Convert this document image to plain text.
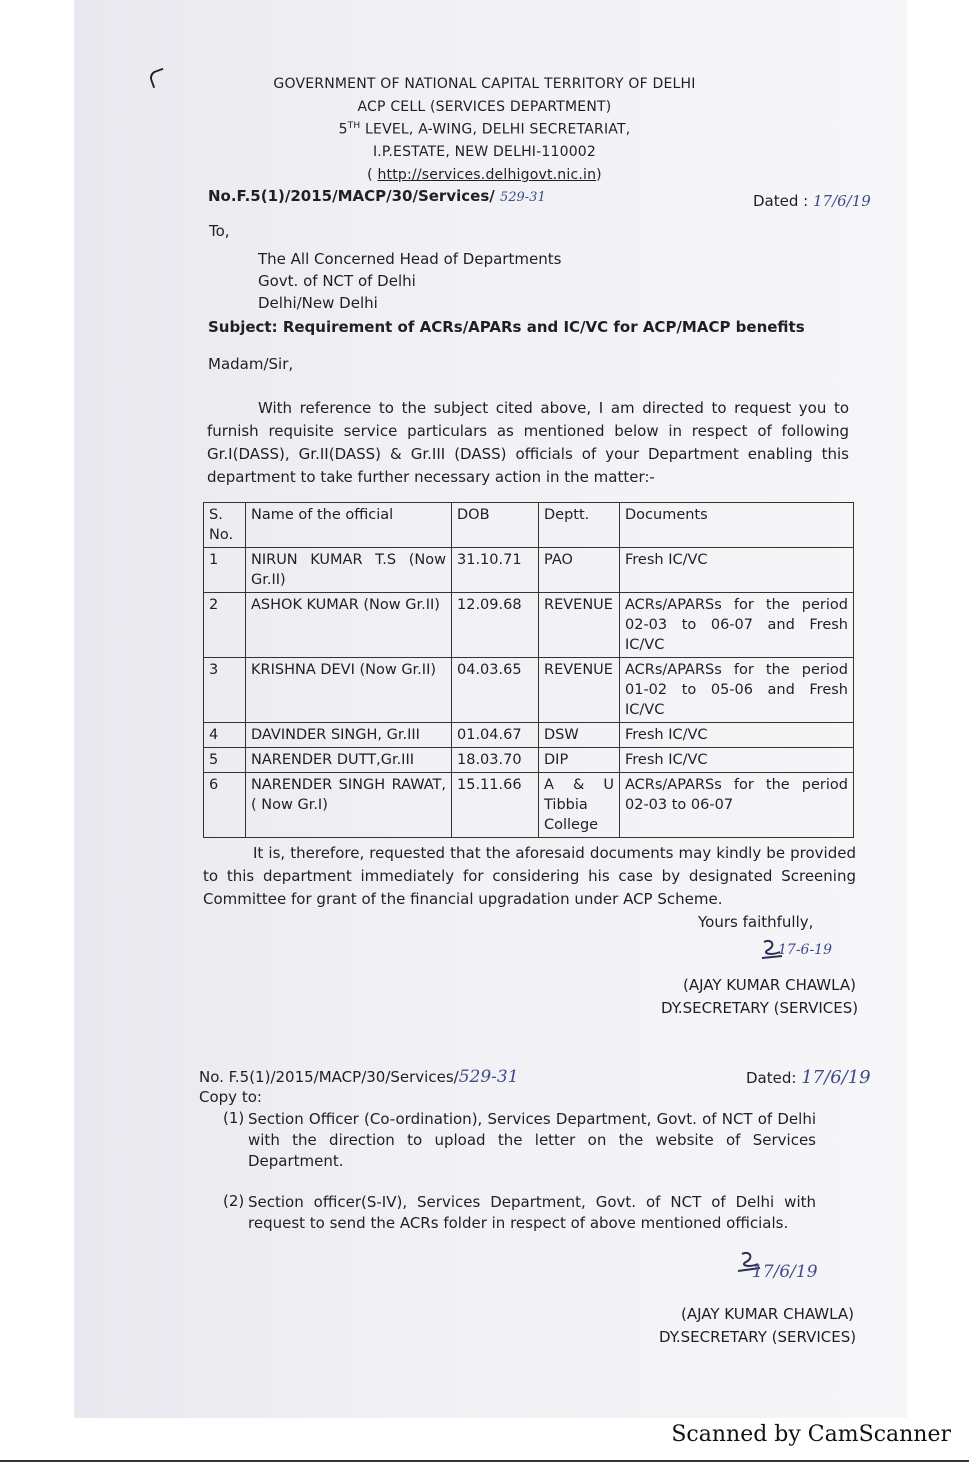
GOVERNMENT OF NATIONAL CAPITAL TERRITORY OF DELHI
ACP CELL (SERVICES DEPARTMENT)
5TH LEVEL, A-WING, DELHI SECRETARIAT,
I.P.ESTATE, NEW DELHI-110002
( http://services.delhigovt.nic.in)
No.F.5(1)/2015/MACP/30/Services/ 529-31	Dated : 17/6/19
To,
The All Concerned Head of Departments
Govt. of NCT of Delhi
Delhi/New Delhi
Subject: Requirement of ACRs/APARs and IC/VC for ACP/MACP benefits
Madam/Sir,
With reference to the subject cited above, I am directed to request you to furnish requisite service particulars as mentioned below in respect of following Gr.I(DASS), Gr.II(DASS) & Gr.III (DASS) officials of your Department enabling this department to take further necessary action in the matter:-
S. No.	Name of the official	DOB	Deptt.	Documents
1	NIRUN KUMAR T.S (Now Gr.II)	31.10.71	PAO	Fresh IC/VC
2	ASHOK KUMAR (Now Gr.II)	12.09.68	REVENUE	ACRs/APARSs for the period 02-03 to 06-07 and Fresh IC/VC
3	KRISHNA DEVI (Now Gr.II)	04.03.65	REVENUE	ACRs/APARSs for the period 01-02 to 05-06 and Fresh IC/VC
4	DAVINDER SINGH, Gr.III	01.04.67	DSW	Fresh IC/VC
5	NARENDER DUTT,Gr.III	18.03.70	DIP	Fresh IC/VC
6	NARENDER SINGH RAWAT, ( Now Gr.I)	15.11.66	A & U Tibbia College	ACRs/APARSs for the period 02-03 to 06-07
It is, therefore, requested that the aforesaid documents may kindly be provided to this department immediately for considering his case by designated Screening Committee for grant of the financial upgradation under ACP Scheme.
Yours faithfully,
17-6-19
(AJAY KUMAR CHAWLA)
DY.SECRETARY (SERVICES)
No. F.5(1)/2015/MACP/30/Services/529-31	Dated: 17/6/19
Copy to:
(1) Section Officer (Co-ordination), Services Department, Govt. of NCT of Delhi with the direction to upload the letter on the website of Services Department.
(2) Section officer(S-IV), Services Department, Govt. of NCT of Delhi with request to send the ACRs folder in respect of above mentioned officials.
17/6/19
(AJAY KUMAR CHAWLA)
DY.SECRETARY (SERVICES)
Scanned by CamScanner
